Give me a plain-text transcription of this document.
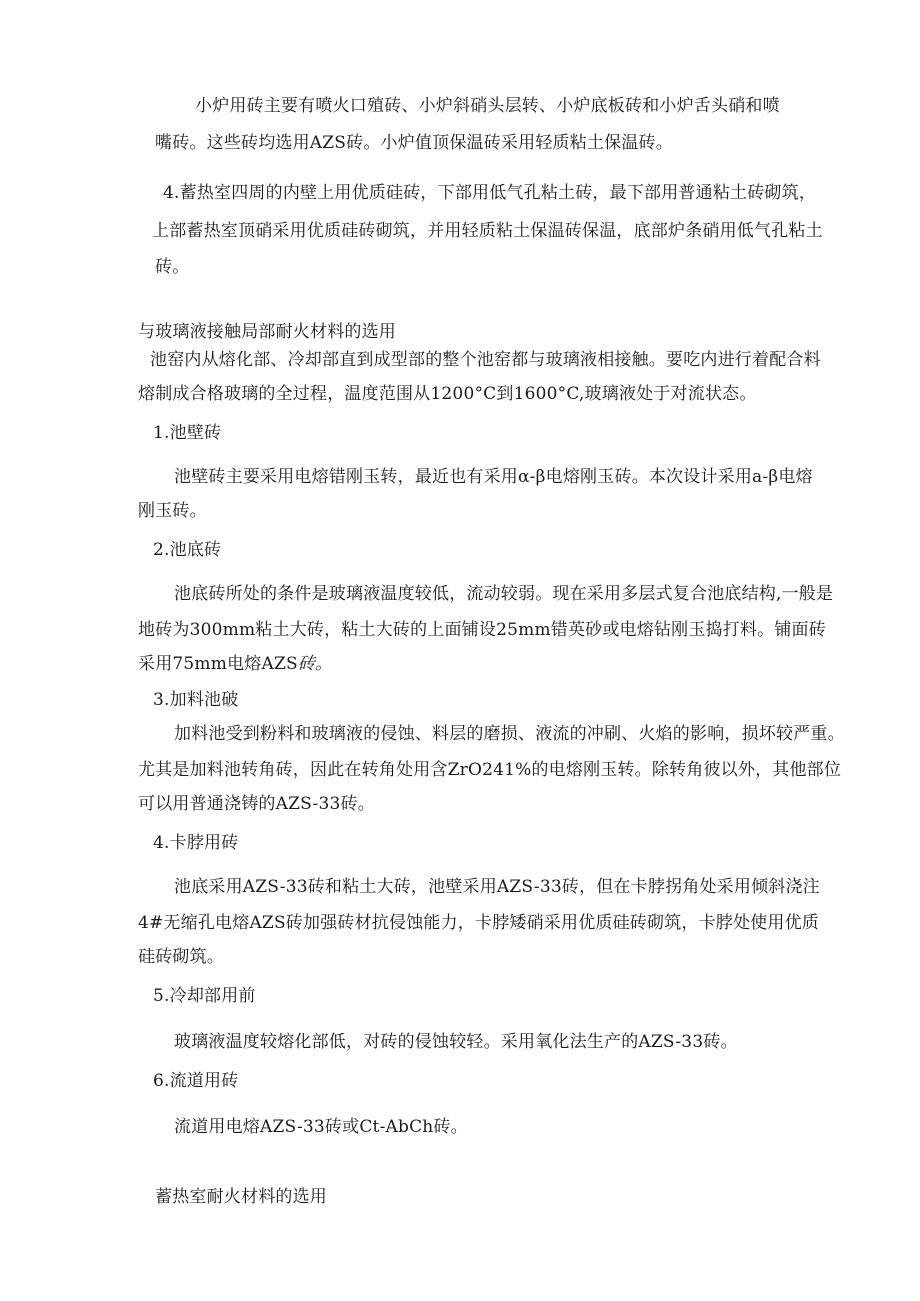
小炉用砖主要有喷火口殖砖、小炉斜硝头层转、小炉底板砖和小炉舌头硝和喷
嘴砖。这些砖均选用AZS砖。小炉值顶保温砖采用轻质粘土保温砖。
4.蓄热室四周的内壁上用优质硅砖，下部用低气孔粘土砖，最下部用普通粘土砖砌筑，
上部蓄热室顶硝采用优质硅砖砌筑，并用轻质粘土保温砖保温，底部炉条硝用低气孔粘土
砖。
与玻璃液接触局部耐火材料的选用
池窑内从熔化部、冷却部直到成型部的整个池窑都与玻璃液相接触。要吃内进行着配合料
熔制成合格玻璃的全过程，温度范围从1200°C到1600°C,玻璃液处于对流状态。
1.池壁砖
池壁砖主要采用电熔错刚玉转，最近也有采用α-β电熔刚玉砖。本次设计采用a-β电熔
刚玉砖。
2.池底砖
池底砖所处的条件是玻璃液温度较低，流动较弱。现在采用多层式复合池底结构,一般是
地砖为300mm粘土大砖，粘土大砖的上面铺设25mm错英砂或电熔钻刚玉捣打料。铺面砖
采用75mm电熔AZS砖。
3.加料池破
加料池受到粉料和玻璃液的侵蚀、料层的磨损、液流的冲刷、火焰的影响，损坏较严重。
尤其是加料池转角砖，因此在转角处用含ZrO241%的电熔刚玉转。除转角彼以外，其他部位
可以用普通浇铸的AZS-33砖。
4.卡脖用砖
池底采用AZS-33砖和粘土大砖，池壁采用AZS-33砖，但在卡脖拐角处采用倾斜浇注
4#无缩孔电熔AZS砖加强砖材抗侵蚀能力，卡脖矮硝采用优质硅砖砌筑，卡脖处使用优质
硅砖砌筑。
5.冷却部用前
玻璃液温度较熔化部低，对砖的侵蚀较轻。采用氧化法生产的AZS-33砖。
6.流道用砖
流道用电熔AZS-33砖或Ct-AbCh砖。
蓄热室耐火材料的选用
